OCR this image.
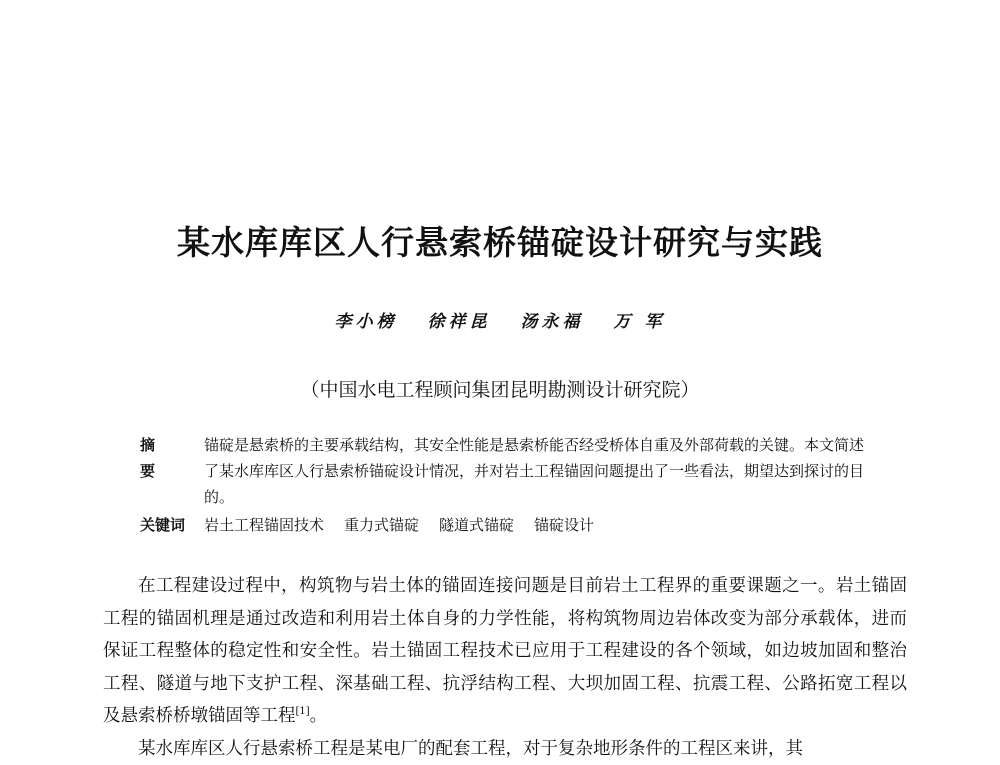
某水库库区人行悬索桥锚碇设计研究与实践
李小榜 徐祥昆 汤永福 万 军
（中国水电工程顾问集团昆明勘测设计研究院）
摘要
锚碇是悬索桥的主要承载结构，其安全性能是悬索桥能否经受桥体自重及外部荷载的关键。本文简述了某水库库区人行悬索桥锚碇设计情况，并对岩土工程锚固问题提出了一些看法，期望达到探讨的目的。
关键词	岩土工程锚固技术 重力式锚碇 隧道式锚碇 锚碇设计

在工程建设过程中，构筑物与岩土体的锚固连接问题是目前岩土工程界的重要课题之一。岩土锚固工程的锚固机理是通过改造和利用岩土体自身的力学性能，将构筑物周边岩体改变为部分承载体，进而保证工程整体的稳定性和安全性。岩土锚固工程技术已应用于工程建设的各个领域，如边坡加固和整治工程、隧道与地下支护工程、深基础工程、抗浮结构工程、大坝加固工程、抗震工程、公路拓宽工程以及悬索桥桥墩锚固等工程[1]。

某水库库区人行悬索桥工程是某电厂的配套工程，对于复杂地形条件的工程区来讲，其
